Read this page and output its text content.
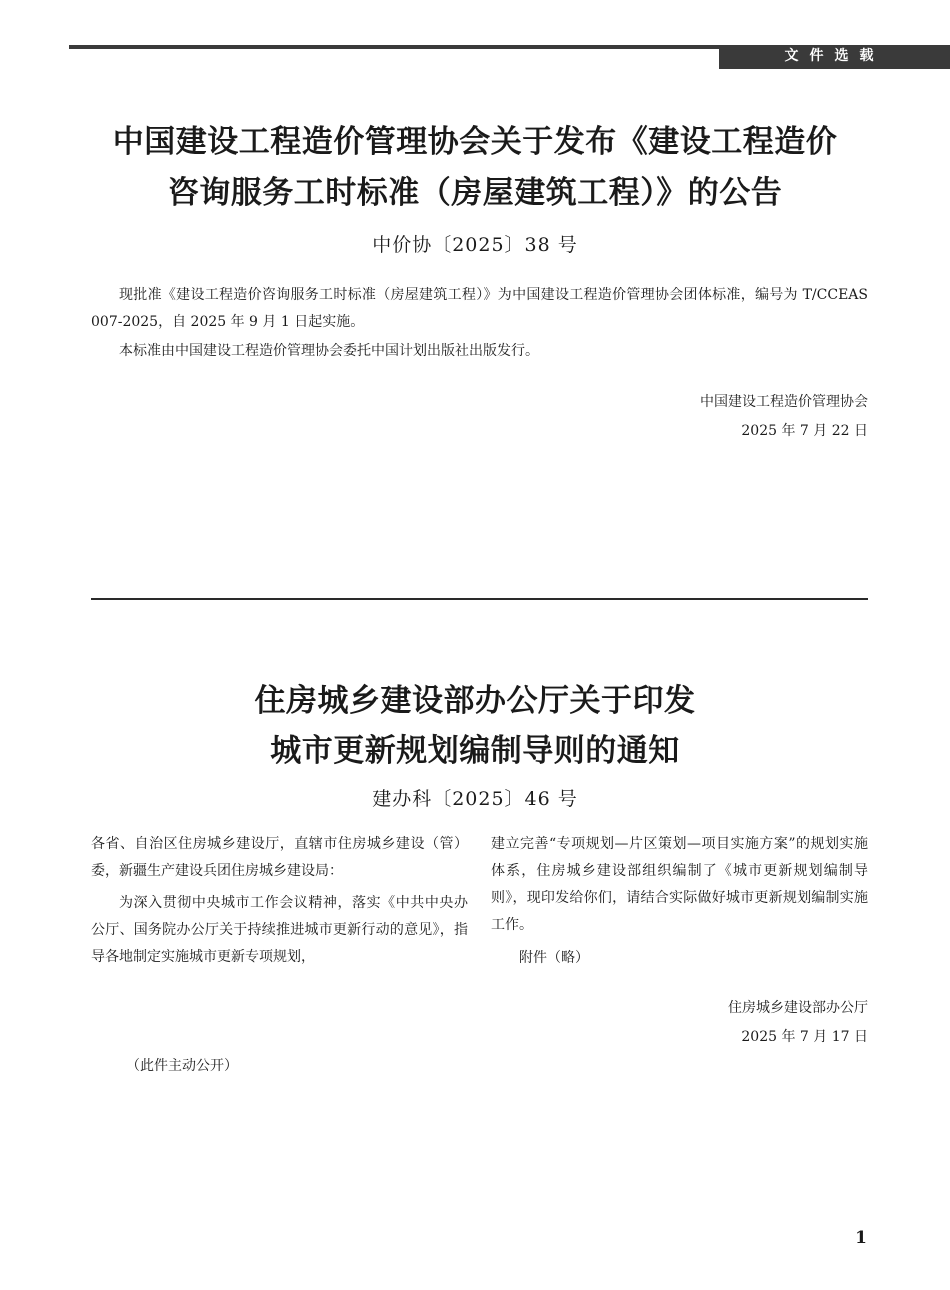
文件选载
中国建设工程造价管理协会关于发布《建设工程造价
咨询服务工时标准（房屋建筑工程）》的公告
中价协〔2025〕38 号
现批准《建设工程造价咨询服务工时标准（房屋建筑工程）》为中国建设工程造价管理协会团体标准，编号为 T/CCEAS 007-2025，自 2025 年 9 月 1 日起实施。
本标准由中国建设工程造价管理协会委托中国计划出版社出版发行。
中国建设工程造价管理协会
2025 年 7 月 22 日
住房城乡建设部办公厅关于印发
城市更新规划编制导则的通知
建办科〔2025〕46 号
各省、自治区住房城乡建设厅，直辖市住房城乡建设（管）委，新疆生产建设兵团住房城乡建设局：
为深入贯彻中央城市工作会议精神，落实《中共中央办公厅、国务院办公厅关于持续推进城市更新行动的意见》，指导各地制定实施城市更新专项规划，
建立完善“专项规划—片区策划—项目实施方案”的规划实施体系，住房城乡建设部组织编制了《城市更新规划编制导则》，现印发给你们，请结合实际做好城市更新规划编制实施工作。
附件（略）
住房城乡建设部办公厅
2025 年 7 月 17 日
（此件主动公开）
1
